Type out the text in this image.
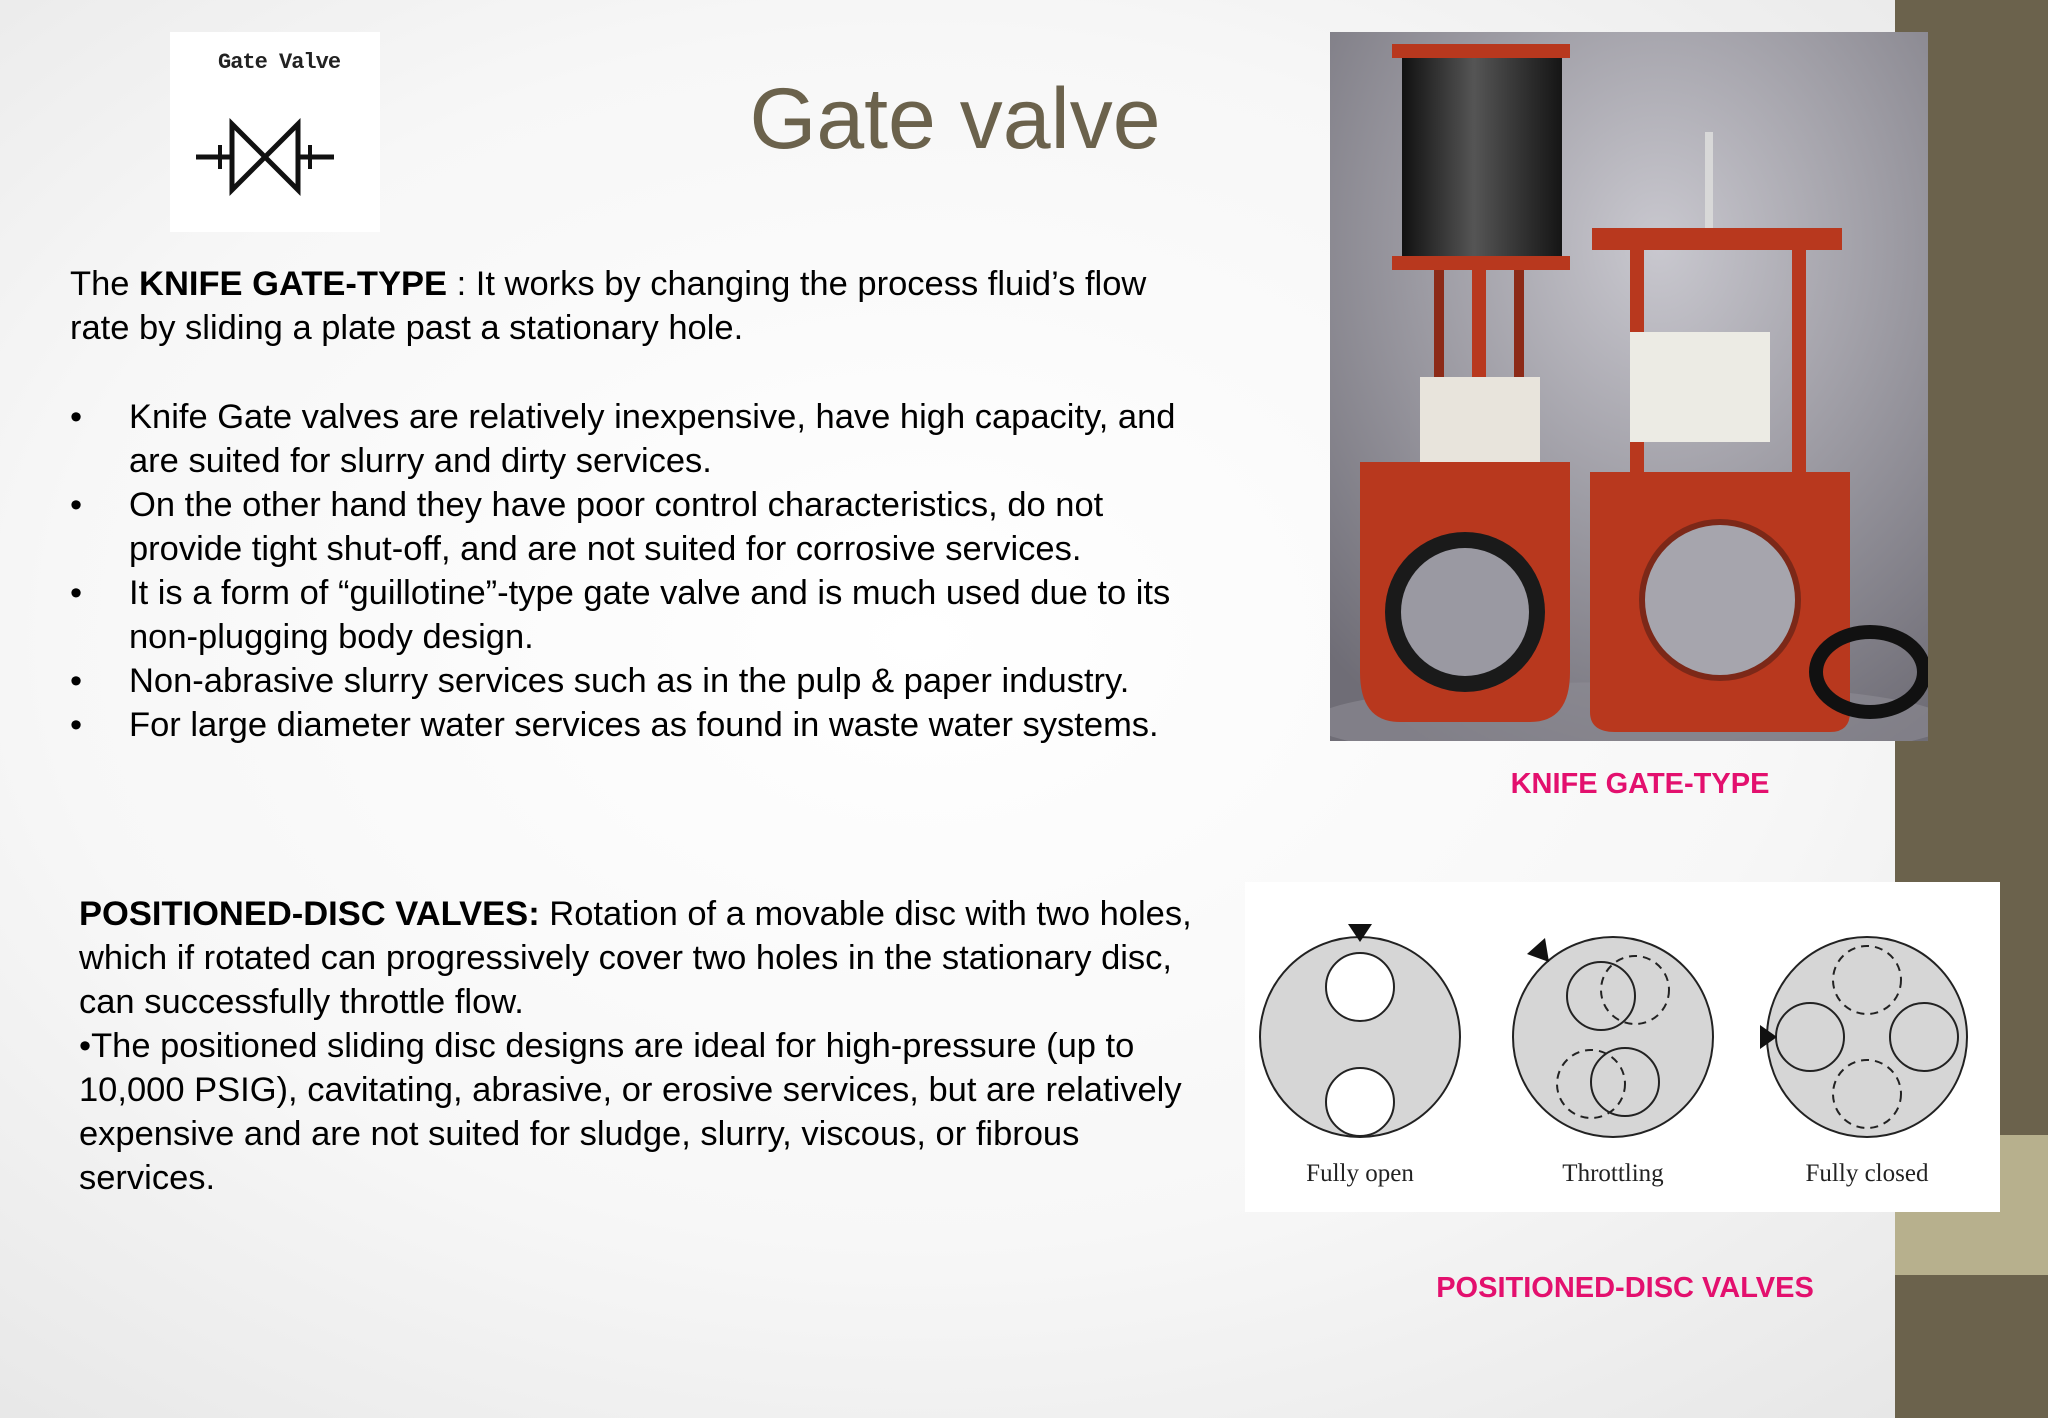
Gate Valve
Gate valve

The KNIFE GATE-TYPE : It works by changing the process fluid’s flow rate by sliding a plate past a stationary hole.

• Knife Gate valves are relatively inexpensive, have high capacity, and are suited for slurry and dirty services.
• On the other hand they have poor control characteristics, do not provide tight shut-off, and are not suited for corrosive services.
• It is a form of “guillotine”-type gate valve and is much used due to its non-plugging body design.
• Non-abrasive slurry services such as in the pulp & paper industry.
• For large diameter water services as found in waste water systems.
POSITIONED-DISC VALVES: Rotation of a movable disc with two holes, which if rotated can progressively cover two holes in the stationary disc, can successfully throttle flow.
•The positioned sliding disc designs are ideal for high-pressure (up to 10,000 PSIG), cavitating, abrasive, or erosive services, but are relatively expensive and are not suited for sludge, slurry, viscous, or fibrous services.
KNIFE GATE-TYPE
Fully open	Throttling	Fully closed
POSITIONED-DISC VALVES
